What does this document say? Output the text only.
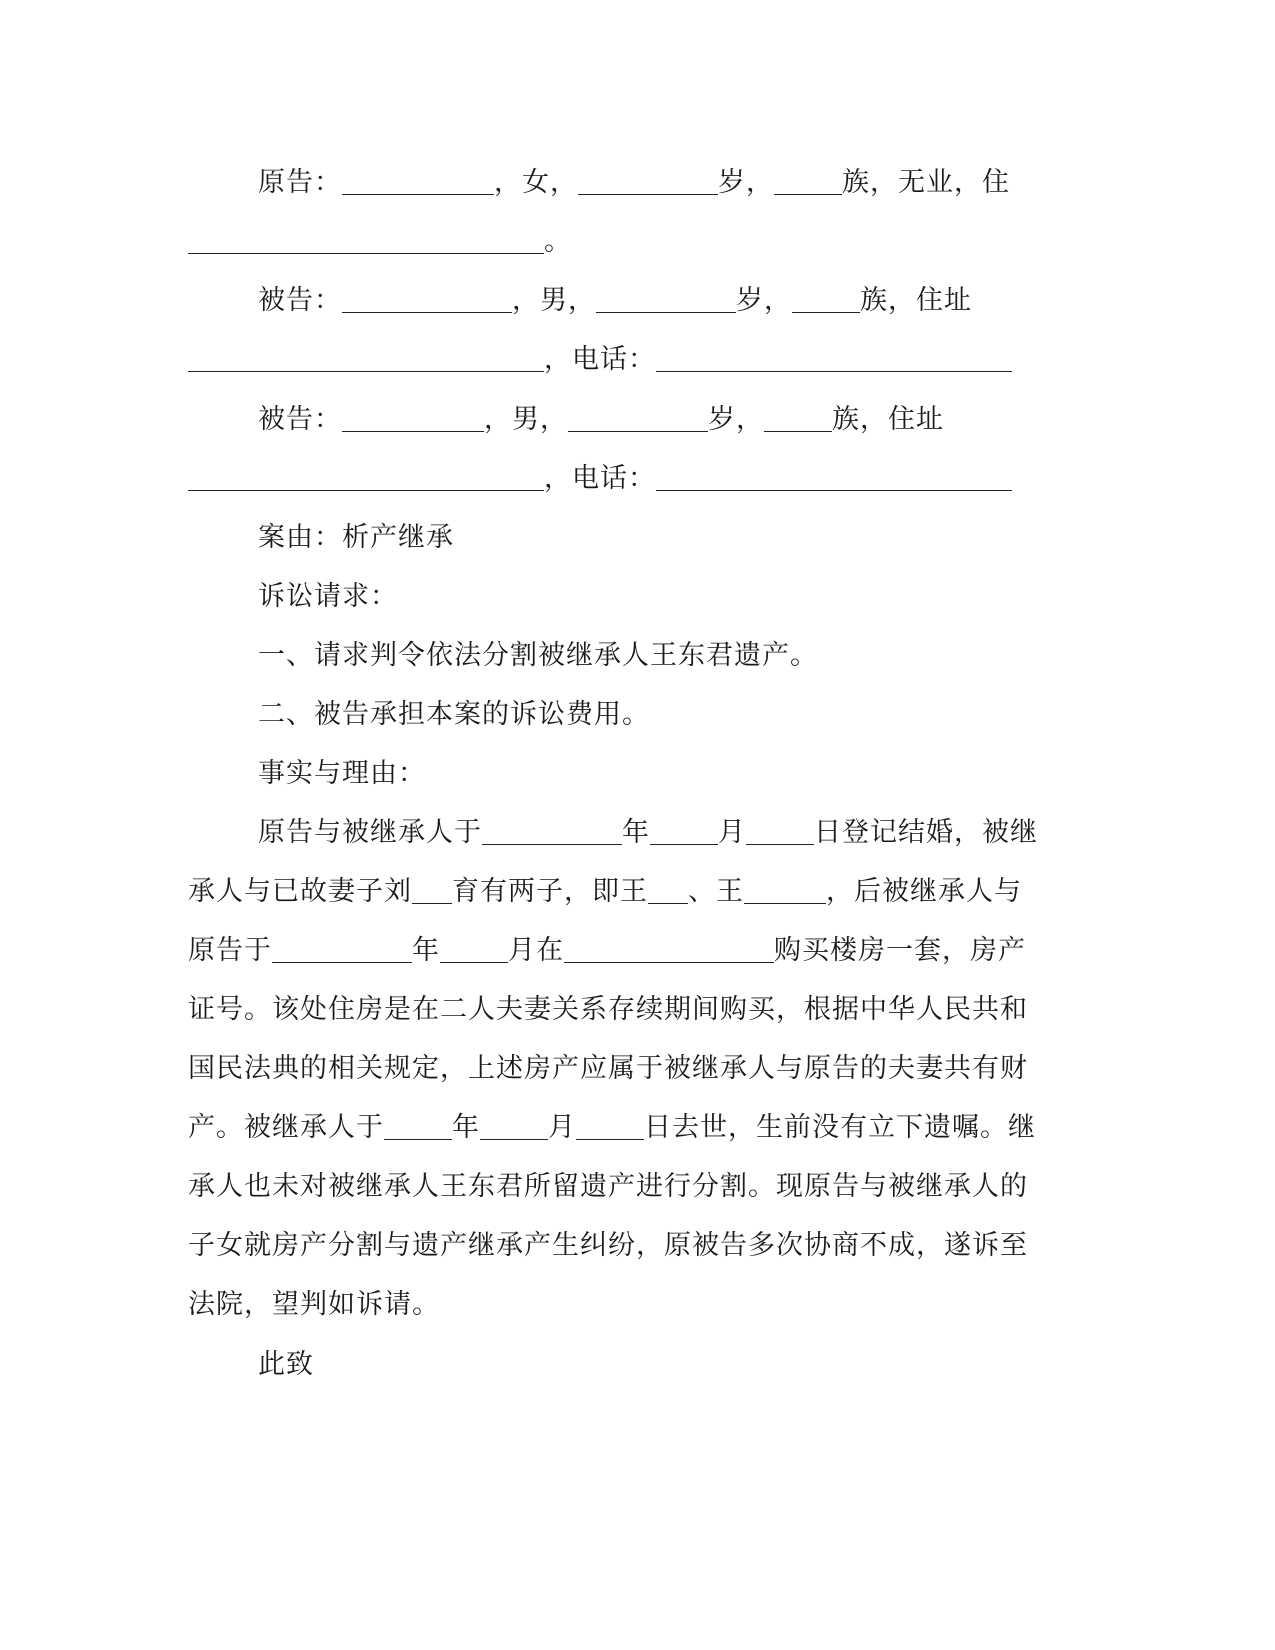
原告：	，女，	岁，	族，无业，住
。
被告：	，男，	岁，	族，住址
，电话：
被告：	，男，	岁，	族，住址
，电话：
案由：析产继承
诉讼请求：
一、请求判令依法分割被继承人王东君遗产。
二、被告承担本案的诉讼费用。
事实与理由：
原告与被继承人于	年	月	日登记结婚，被继
承人与已故妻子刘 育有两子，即王 、王	，后被继承人与
原告于	年	月在	购买楼房一套，房产
证号。该处住房是在二人夫妻关系存续期间购买，根据中华人民共和
国民法典的相关规定，上述房产应属于被继承人与原告的夫妻共有财
产。被继承人于	年	月	日去世，生前没有立下遗嘱。继
承人也未对被继承人王东君所留遗产进行分割。现原告与被继承人的
子女就房产分割与遗产继承产生纠纷，原被告多次协商不成，遂诉至
法院，望判如诉请。
此致
